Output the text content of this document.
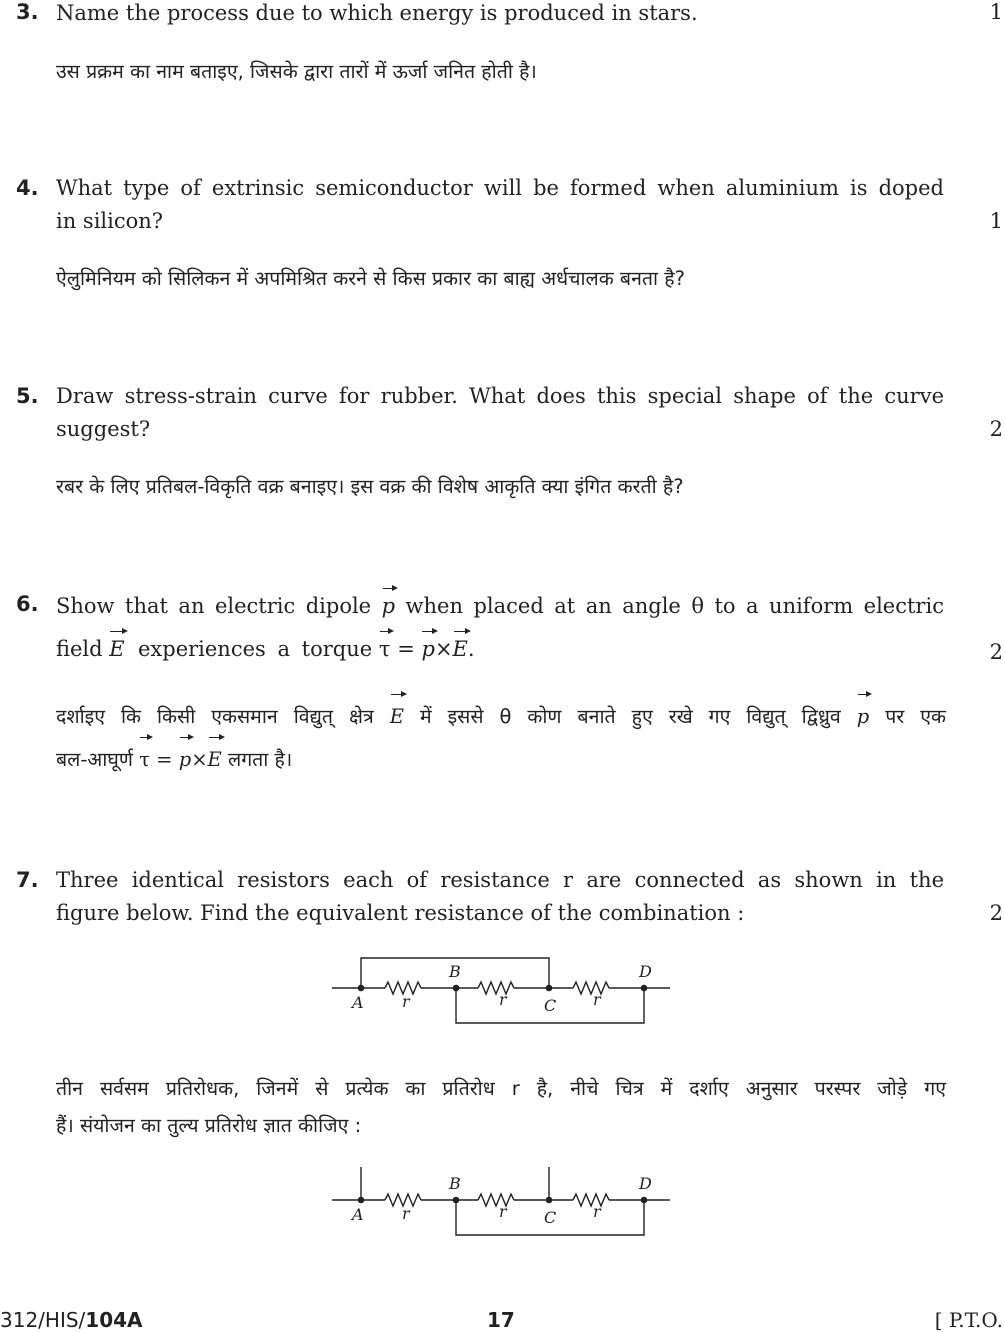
3. Name the process due to which energy is produced in stars.	1
उस प्रक्रम का नाम बताइए, जिसके द्वारा तारों में ऊर्जा जनित होती है।
4. What type of extrinsic semiconductor will be formed when aluminium is doped
in silicon?	1
ऐलुमिनियम को सिलिकन में अपमिश्रित करने से किस प्रकार का बाह्य अर्धचालक बनता है?
5. Draw stress-strain curve for rubber. What does this special shape of the curve
suggest?	2
रबर के लिए प्रतिबल-विकृति वक्र बनाइए। इस वक्र की विशेष आकृति क्या इंगित करती है?
6. Show that an electric dipole p when placed at an angle θ to a uniform electric
field E experiences a torque τ = p×E.	2
दर्शाइए कि किसी एकसमान विद्युत् क्षेत्र E में इससे θ कोण बनाते हुए रखे गए विद्युत् द्विध्रुव p पर एक
बल-आघूर्ण τ = p×E लगता है।
7. Three identical resistors each of resistance r are connected as shown in the
figure below. Find the equivalent resistance of the combination :	2
A
B
C
D
r	r	r
तीन सर्वसम प्रतिरोधक, जिनमें से प्रत्येक का प्रतिरोध r है, नीचे चित्र में दर्शाए अनुसार परस्पर जोड़े गए
हैं। संयोजन का तुल्य प्रतिरोध ज्ञात कीजिए :
A
B
C
D
r	r	r
312/HIS/104A	17	[ P.T.O.
